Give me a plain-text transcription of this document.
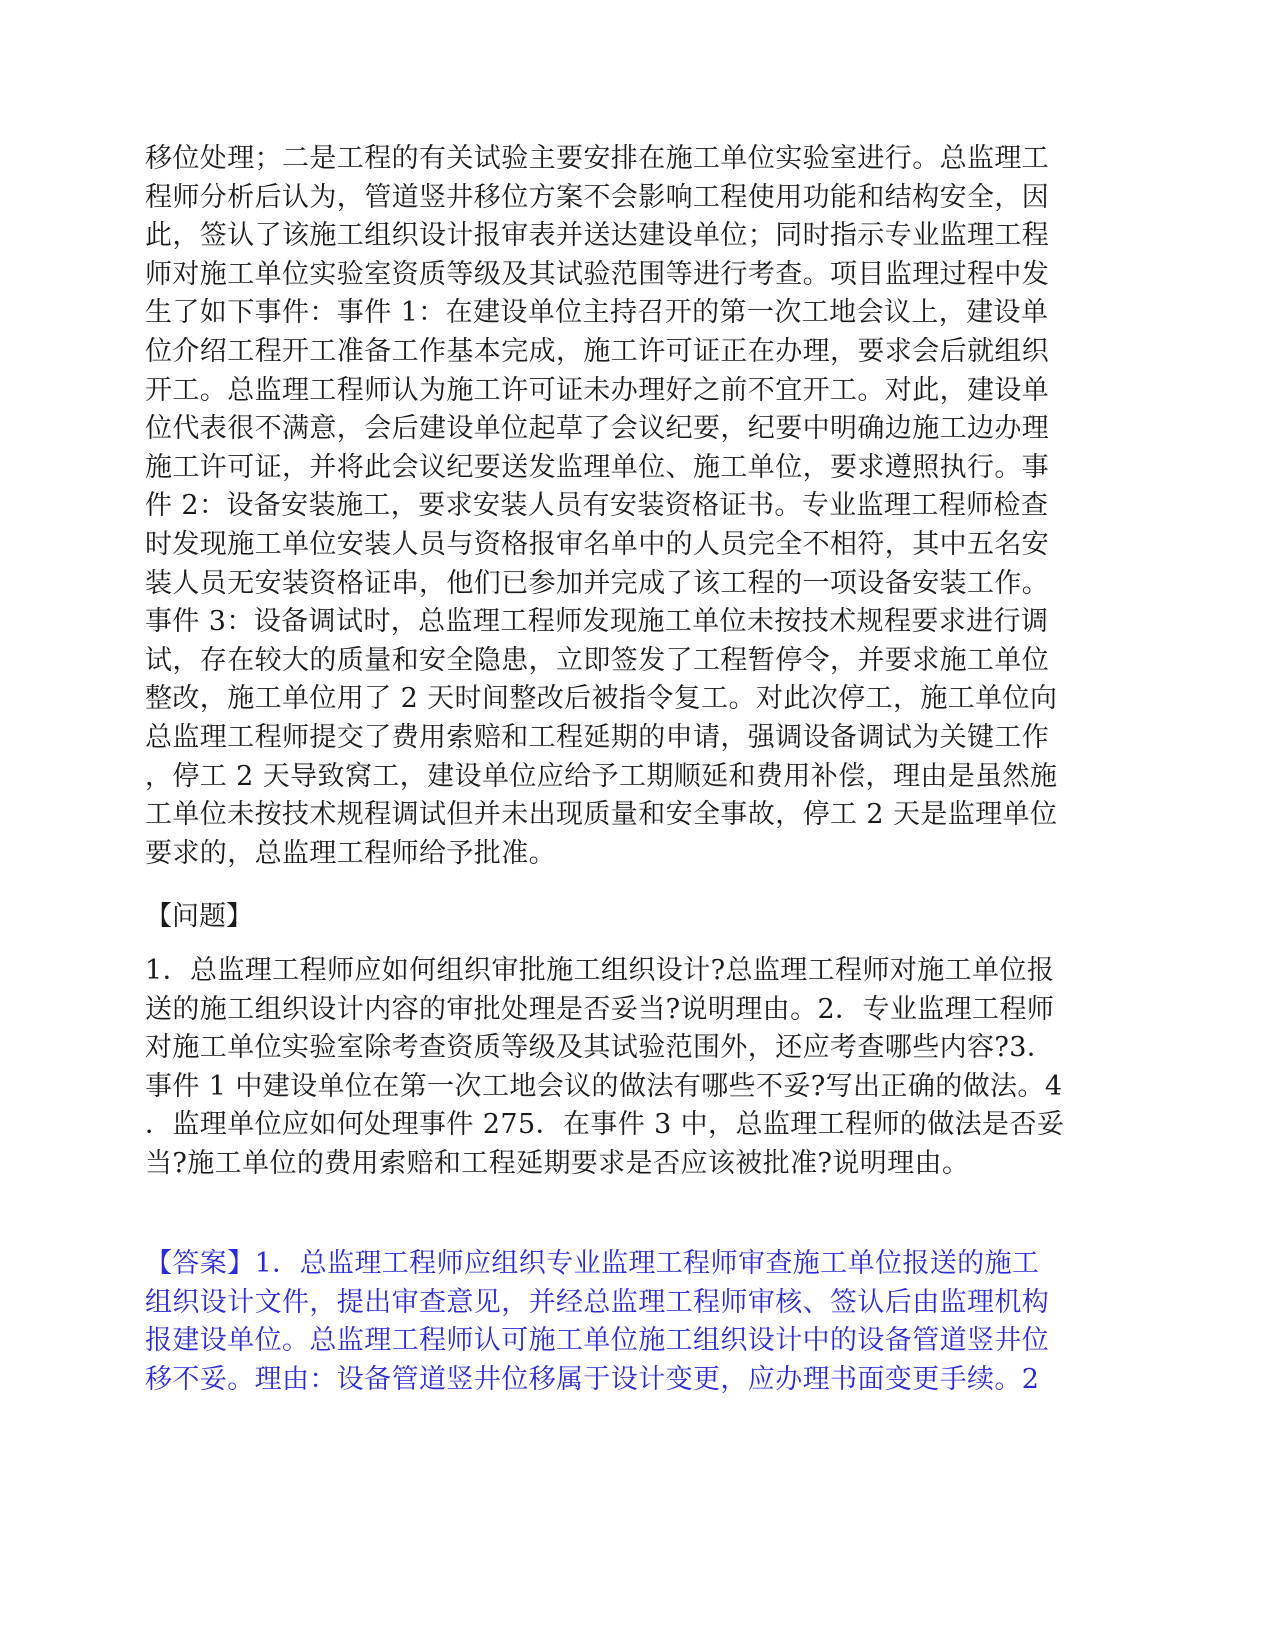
移位处理；二是工程的有关试验主要安排在施工单位实验室进行。总监理工
程师分析后认为，管道竖井移位方案不会影响工程使用功能和结构安全，因
此，签认了该施工组织设计报审表并送达建设单位；同时指示专业监理工程
师对施工单位实验室资质等级及其试验范围等进行考查。项目监理过程中发
生了如下事件：事件 1：在建设单位主持召开的第一次工地会议上，建设单
位介绍工程开工准备工作基本完成，施工许可证正在办理，要求会后就组织
开工。总监理工程师认为施工许可证未办理好之前不宜开工。对此，建设单
位代表很不满意，会后建设单位起草了会议纪要，纪要中明确边施工边办理
施工许可证，并将此会议纪要送发监理单位、施工单位，要求遵照执行。事
件 2：设备安装施工，要求安装人员有安装资格证书。专业监理工程师检查
时发现施工单位安装人员与资格报审名单中的人员完全不相符，其中五名安
装人员无安装资格证串，他们已参加并完成了该工程的一项设备安装工作。
事件 3：设备调试时，总监理工程师发现施工单位未按技术规程要求进行调
试，存在较大的质量和安全隐患，立即签发了工程暂停令，并要求施工单位
整改，施工单位用了 2 天时间整改后被指令复工。对此次停工，施工单位向
总监理工程师提交了费用索赔和工程延期的申请，强调设备调试为关键工作
，停工 2 天导致窝工，建设单位应给予工期顺延和费用补偿，理由是虽然施
工单位未按技术规程调试但并未出现质量和安全事故，停工 2 天是监理单位
要求的，总监理工程师给予批准。
【问题】
1．总监理工程师应如何组织审批施工组织设计?总监理工程师对施工单位报
送的施工组织设计内容的审批处理是否妥当?说明理由。2．专业监理工程师
对施工单位实验室除考查资质等级及其试验范围外，还应考查哪些内容?3．
事件 1 中建设单位在第一次工地会议的做法有哪些不妥?写出正确的做法。4
．监理单位应如何处理事件 275．在事件 3 中，总监理工程师的做法是否妥
当?施工单位的费用索赔和工程延期要求是否应该被批准?说明理由。
【答案】1．总监理工程师应组织专业监理工程师审查施工单位报送的施工
组织设计文件，提出审查意见，并经总监理工程师审核、签认后由监理机构
报建设单位。总监理工程师认可施工单位施工组织设计中的设备管道竖井位
移不妥。理由：设备管道竖井位移属于设计变更，应办理书面变更手续。2
